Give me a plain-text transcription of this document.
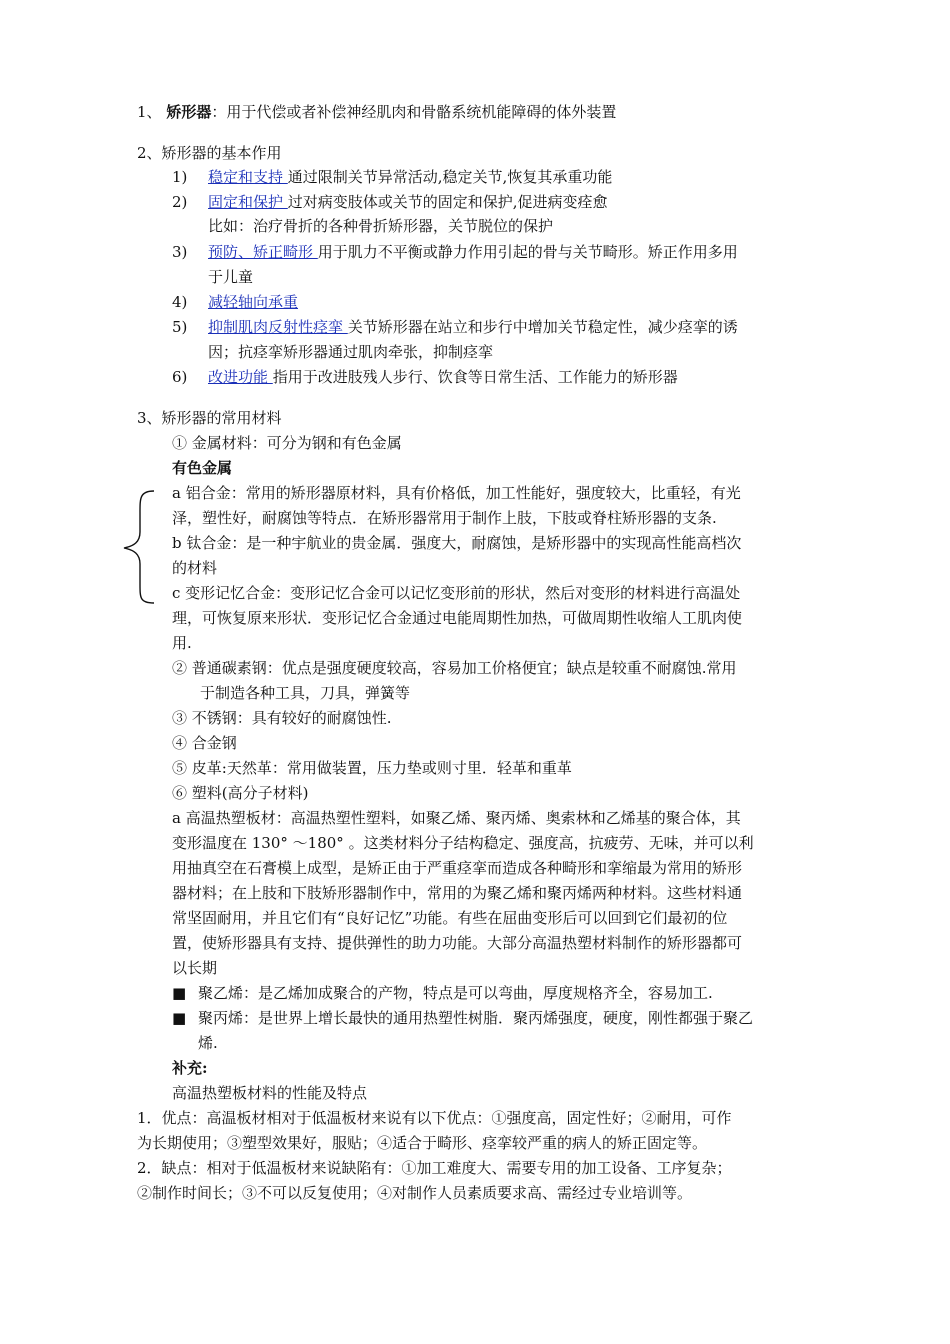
1、 矫形器：用于代偿或者补偿神经肌肉和骨骼系统机能障碍的体外装置
2、矫形器的基本作用
1) 稳定和支持 通过限制关节异常活动,稳定关节,恢复其承重功能
2) 固定和保护 过对病变肢体或关节的固定和保护,促进病变痊愈
比如：治疗骨折的各种骨折矫形器，关节脱位的保护
3) 预防、矫正畸形 用于肌力不平衡或静力作用引起的骨与关节畸形。矫正作用多用
于儿童
4) 减轻轴向承重
5) 抑制肌肉反射性痉挛 关节矫形器在站立和步行中增加关节稳定性，减少痉挛的诱
因；抗痉挛矫形器通过肌肉牵张，抑制痉挛
6) 改进功能 指用于改进肢残人步行、饮食等日常生活、工作能力的矫形器
3、矫形器的常用材料
① 金属材料：可分为钢和有色金属
有色金属
a 铝合金：常用的矫形器原材料，具有价格低，加工性能好，强度较大，比重轻，有光
泽，塑性好，耐腐蚀等特点．在矫形器常用于制作上肢，下肢或脊柱矫形器的支条.
b 钛合金：是一种宇航业的贵金属．强度大，耐腐蚀，是矫形器中的实现高性能高档次
的材料
c 变形记忆合金：变形记忆合金可以记忆变形前的形状，然后对变形的材料进行高温处
理，可恢复原来形状．变形记忆合金通过电能周期性加热，可做周期性收缩人工肌肉使
用.
② 普通碳素钢：优点是强度硬度较高，容易加工价格便宜；缺点是较重不耐腐蚀.常用
于制造各种工具，刀具，弹簧等
③ 不锈钢：具有较好的耐腐蚀性.
④ 合金钢
⑤ 皮革:天然革：常用做装置，压力垫或则寸里．轻革和重革
⑥ 塑料(高分子材料)
a 高温热塑板材：高温热塑性塑料，如聚乙烯、聚丙烯、奥索林和乙烯基的聚合体，其
变形温度在 130° ～180° 。这类材料分子结构稳定、强度高，抗疲劳、无味，并可以利
用抽真空在石膏模上成型，是矫正由于严重痉挛而造成各种畸形和挛缩最为常用的矫形
器材料；在上肢和下肢矫形器制作中，常用的为聚乙烯和聚丙烯两种材料。这些材料通
常坚固耐用，并且它们有“良好记忆”功能。有些在屈曲变形后可以回到它们最初的位
置，使矫形器具有支持、提供弹性的助力功能。大部分高温热塑材料制作的矫形器都可
以长期
■ 聚乙烯：是乙烯加成聚合的产物，特点是可以弯曲，厚度规格齐全，容易加工.
■ 聚丙烯：是世界上增长最快的通用热塑性树脂．聚丙烯强度，硬度，刚性都强于聚乙
烯.
补充:
高温热塑板材料的性能及特点
1．优点：高温板材相对于低温板材来说有以下优点：①强度高，固定性好；②耐用，可作
为长期使用；③塑型效果好，服贴；④适合于畸形、痉挛较严重的病人的矫正固定等。
2．缺点：相对于低温板材来说缺陷有：①加工难度大、需要专用的加工设备、工序复杂；
②制作时间长；③不可以反复使用；④对制作人员素质要求高、需经过专业培训等。
